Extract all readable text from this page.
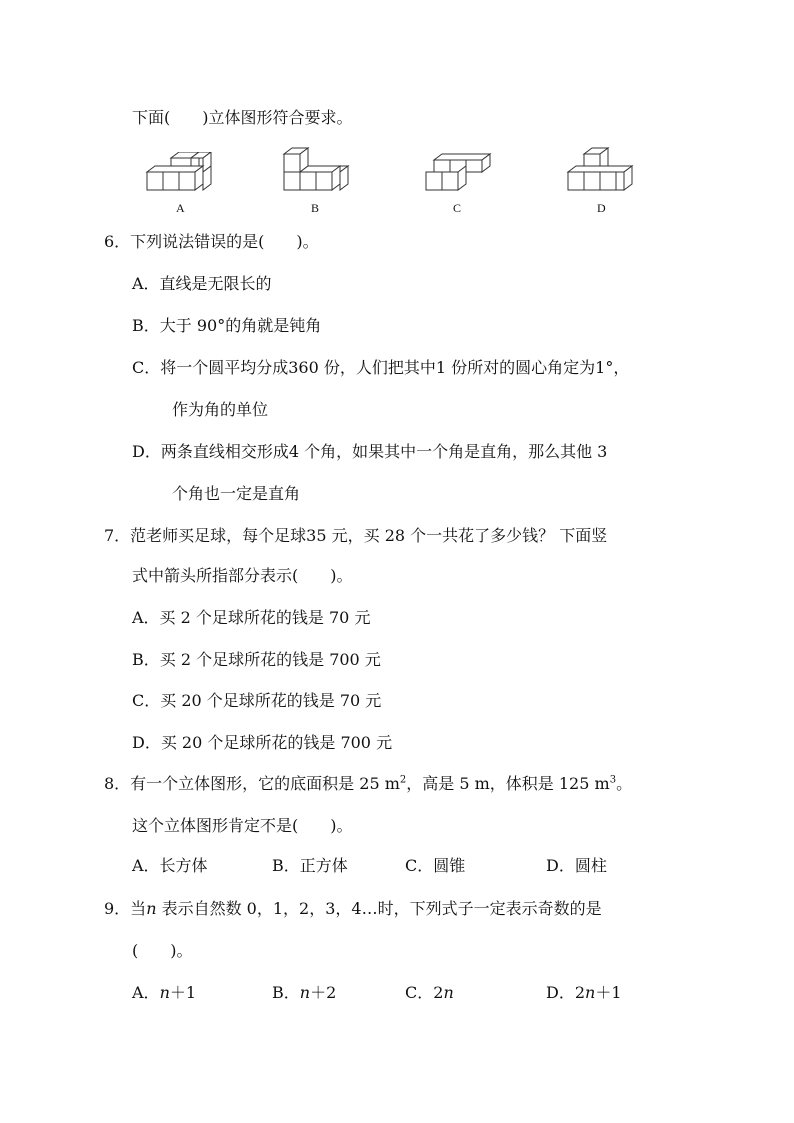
下面(　　)立体图形符合要求。
A	B	C	D
6．下列说法错误的是(　　)。
A．直线是无限长的
B．大于 90°的角就是钝角
C．将一个圆平均分成360 份，人们把其中1 份所对的圆心角定为1°，
作为角的单位
D．两条直线相交形成4 个角，如果其中一个角是直角，那么其他 3
个角也一定是直角
7．范老师买足球，每个足球35 元，买 28 个一共花了多少钱？ 下面竖
式中箭头所指部分表示(　　)。
A．买 2 个足球所花的钱是 70 元
B．买 2 个足球所花的钱是 700 元
C．买 20 个足球所花的钱是 70 元
D．买 20 个足球所花的钱是 700 元
8．有一个立体图形，它的底面积是 25 $m^2$，高是 5 m，体积是 125 $m^3$。
这个立体图形肯定不是(　　)。
A．长方体	B．正方体	C．圆锥	D．圆柱
9．当n 表示自然数 0，1，2，3，4…时，下列式子一定表示奇数的是
(　　)。
A．n＋1	B．n＋2	C．2n	D．2n＋1
